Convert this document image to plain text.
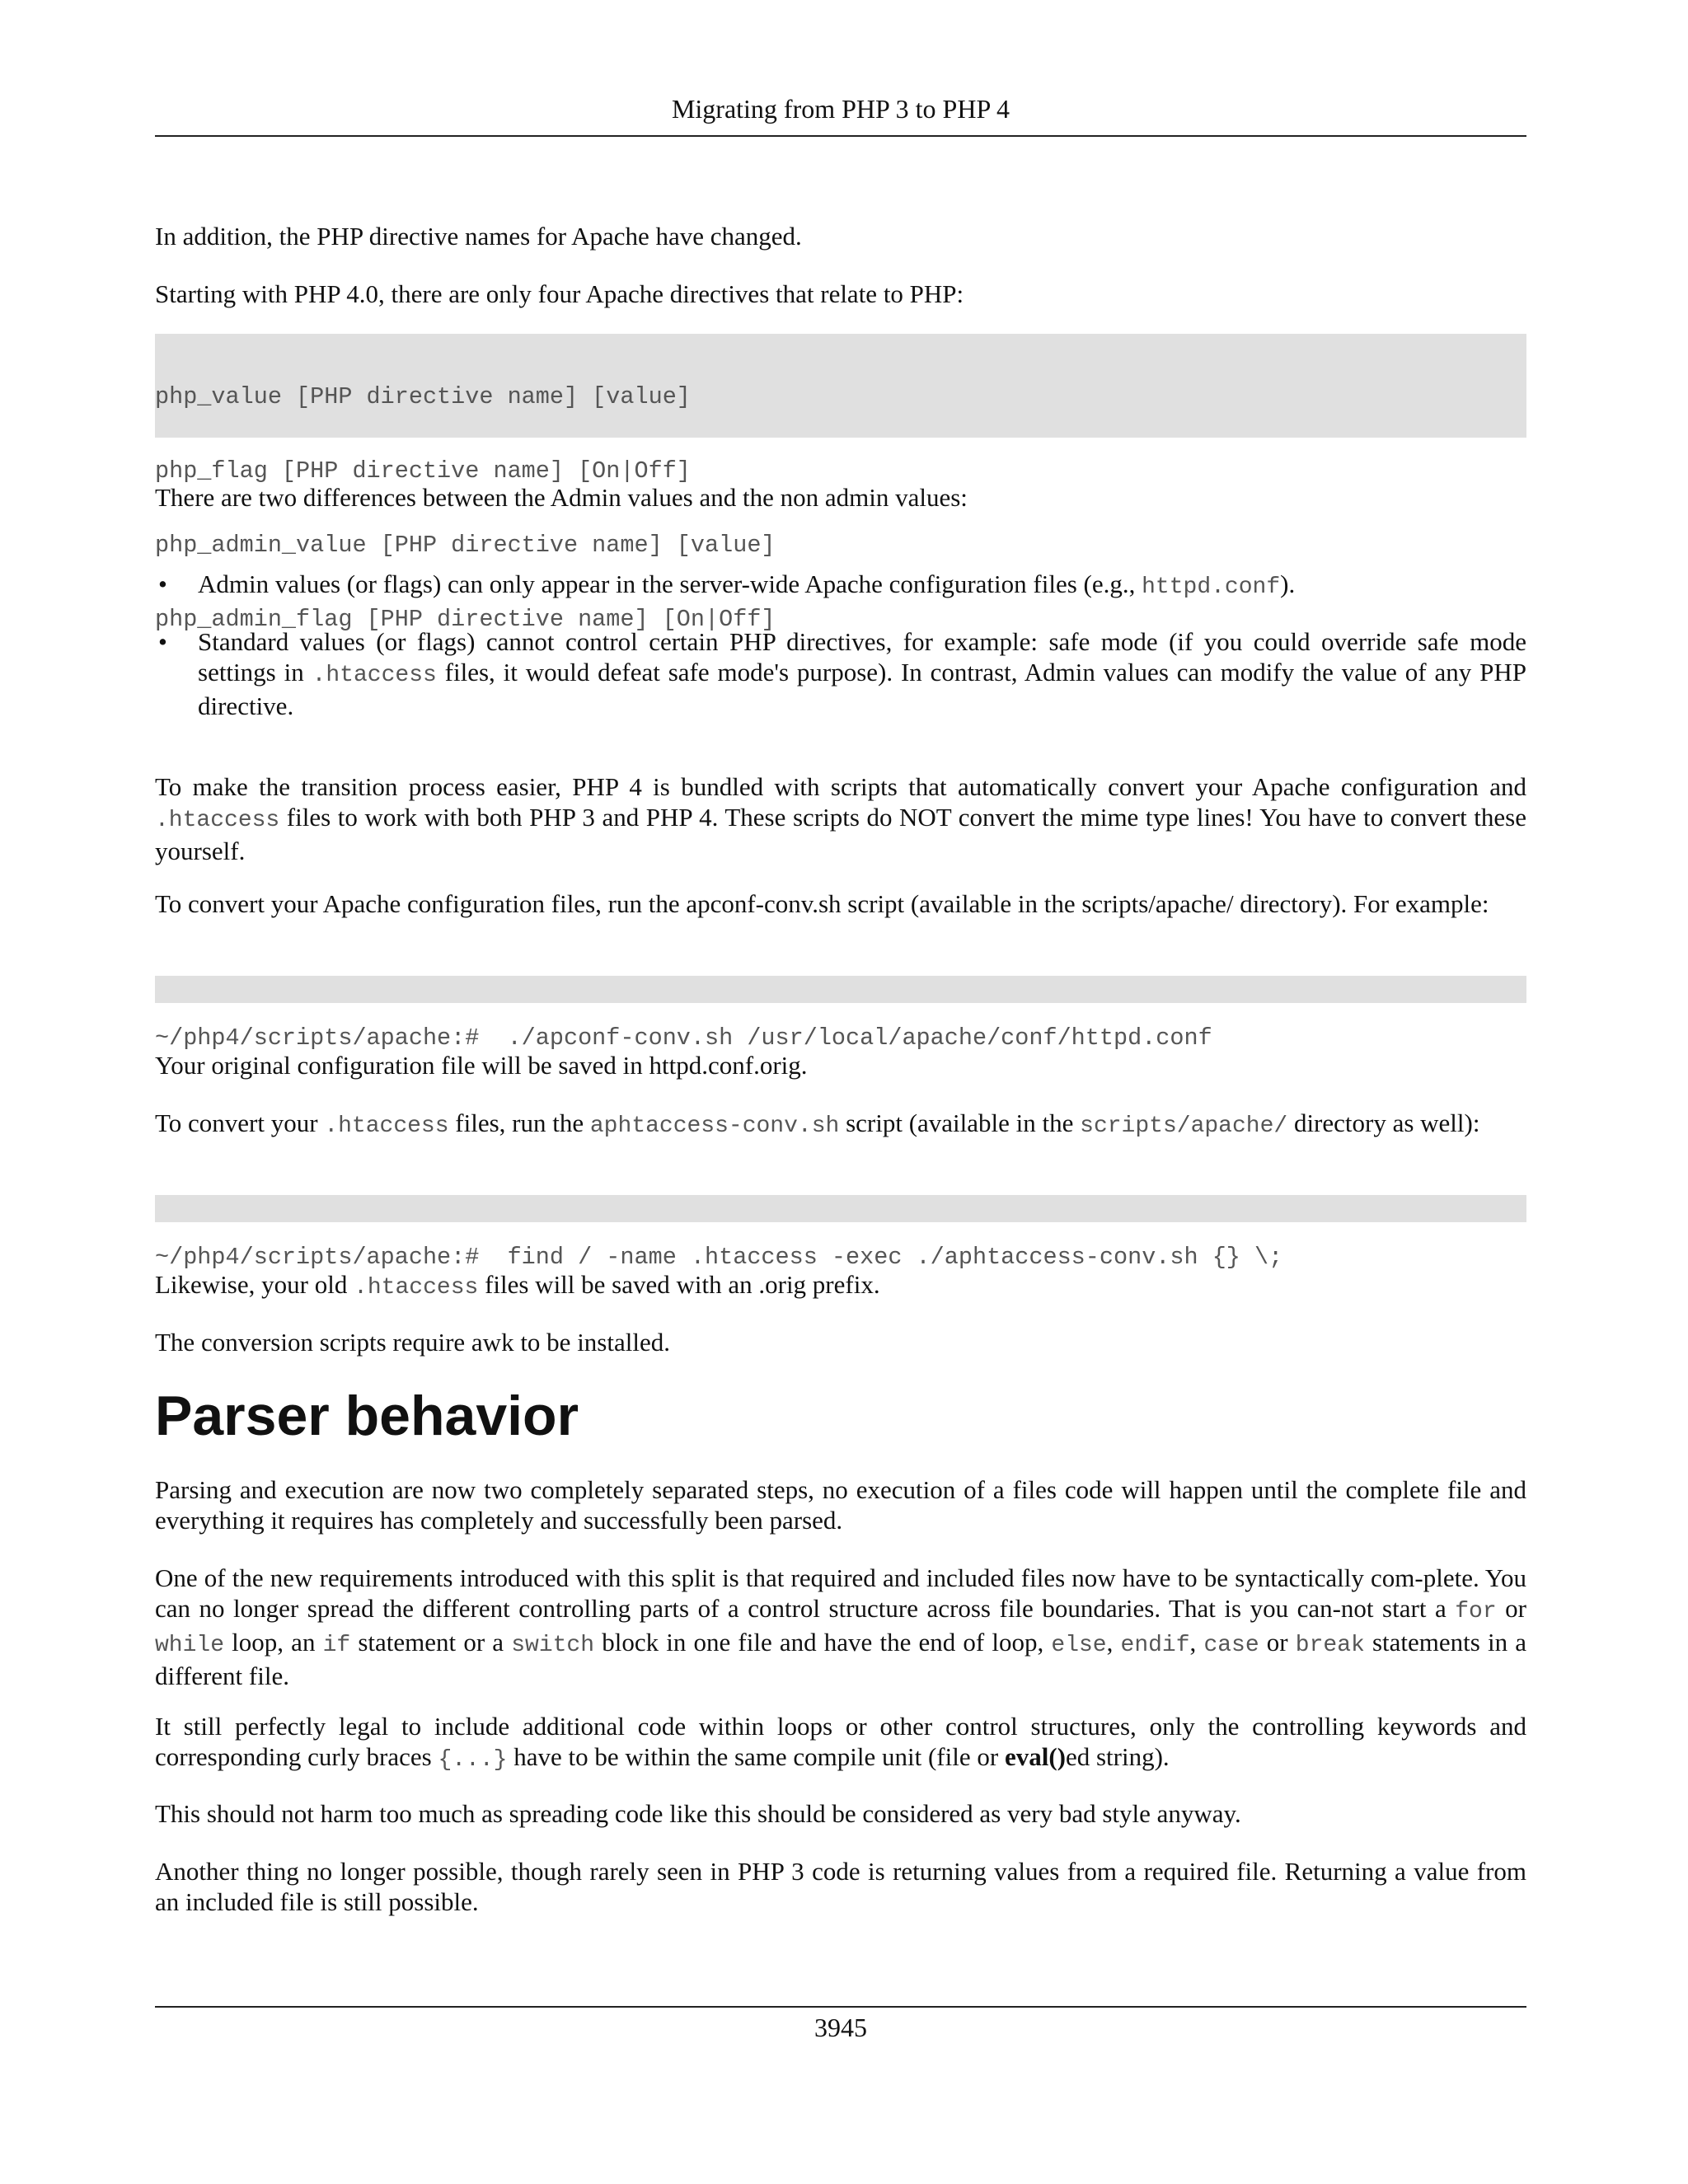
Migrating from PHP 3 to PHP 4

In addition, the PHP directive names for Apache have changed.

Starting with PHP 4.0, there are only four Apache directives that relate to PHP:

php_value [PHP directive name] [value]

php_flag [PHP directive name] [On|Off]

php_admin_value [PHP directive name] [value]

php_admin_flag [PHP directive name] [On|Off]

There are two differences between the Admin values and the non admin values:

• Admin values (or flags) can only appear in the server-wide Apache configuration files (e.g., httpd.conf).

• Standard values (or flags) cannot control certain PHP directives, for example: safe mode (if you could override safe mode settings in .htaccess files, it would defeat safe mode's purpose). In contrast, Admin values can modify the value of any PHP directive.

To make the transition process easier, PHP 4 is bundled with scripts that automatically convert your Apache configuration and .htaccess files to work with both PHP 3 and PHP 4. These scripts do NOT convert the mime type lines! You have to convert these yourself.

To convert your Apache configuration files, run the apconf-conv.sh script (available in the scripts/apache/ directory). For example:

~/php4/scripts/apache:#  ./apconf-conv.sh /usr/local/apache/conf/httpd.conf

Your original configuration file will be saved in httpd.conf.orig.

To convert your .htaccess files, run the aphtaccess-conv.sh script (available in the scripts/apache/ directory as well):

~/php4/scripts/apache:#  find / -name .htaccess -exec ./aphtaccess-conv.sh {} \;

Likewise, your old .htaccess files will be saved with an .orig prefix.

The conversion scripts require awk to be installed.

Parser behavior

Parsing and execution are now two completely separated steps, no execution of a files code will happen until the complete file and everything it requires has completely and successfully been parsed.

One of the new requirements introduced with this split is that required and included files now have to be syntactically com-plete. You can no longer spread the different controlling parts of a control structure across file boundaries. That is you can-not start a for or while loop, an if statement or a switch block in one file and have the end of loop, else, endif, case or break statements in a different file.

It still perfectly legal to include additional code within loops or other control structures, only the controlling keywords and corresponding curly braces {...} have to be within the same compile unit (file or eval()ed string).

This should not harm too much as spreading code like this should be considered as very bad style anyway.

Another thing no longer possible, though rarely seen in PHP 3 code is returning values from a required file. Returning a value from an included file is still possible.

3945
